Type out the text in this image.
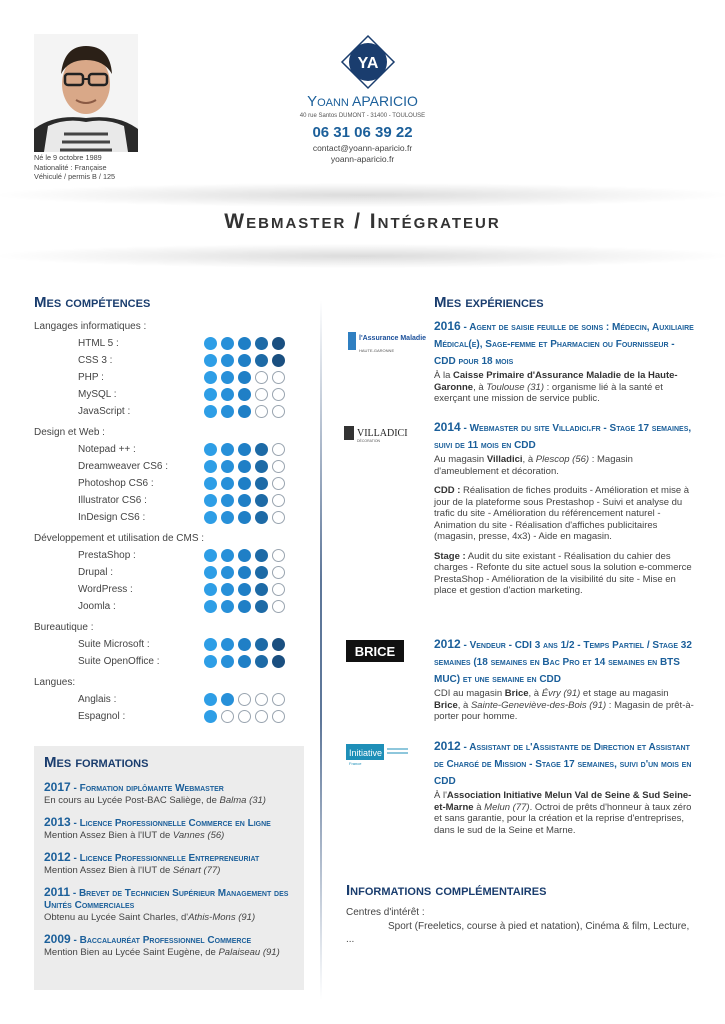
Né le 9 octobre 1989
Nationalité : Française
Véhiculé / permis B / 125
YA
Yoann APARICIO
40 rue Santos DUMONT - 31400 - TOULOUSE
06 31 06 39 22
contact@yoann-aparicio.fr
yoann-aparicio.fr
Webmaster / Intégrateur
Mes compétences
Langages informatiques :
HTML 5 :
CSS 3 :
PHP :
MySQL :
JavaScript :
Design et Web :
Notepad ++ :
Dreamweaver CS6 :
Photoshop CS6 :
Illustrator CS6 :
InDesign CS6 :
Développement et utilisation de CMS :
PrestaShop :
Drupal :
WordPress :
Joomla :
Bureautique :
Suite Microsoft :
Suite OpenOffice :
Langues:
Anglais :
Espagnol :
Mes formations
2017 - Formation diplômante Webmaster
En cours au Lycée Post-BAC Saliège, de Balma (31)
2013 - Licence Professionnelle Commerce en Ligne
Mention Assez Bien à l'IUT de Vannes (56)
2012 - Licence Professionnelle Entrepreneuriat
Mention Assez Bien à l'IUT de Sénart (77)
2011 - Brevet de Technicien Supérieur Management des Unités Commerciales
Obtenu au Lycée Saint Charles, d'Athis-Mons (91)
2009 - Baccalauréat Professionnel Commerce
Mention Bien au Lycée Saint Eugène, de Palaiseau (91)
Mes expériences
l'Assurance Maladie
HAUTE-GARONNE
2016 - Agent de saisie feuille de soins : Médecin, Auxiliaire Médical(e), Sage-femme et Pharmacien ou Fournisseur - CDD pour 18 mois
À la Caisse Primaire d'Assurance Maladie de la Haute-Garonne, à Toulouse (31) : organisme lié à la santé et exerçant une mission de service public.
VILLADICI
DÉCORATION
2014 - Webmaster du site Villadici.fr - Stage 17 semaines, suivi de 11 mois en CDD
Au magasin Villadici, à Plescop (56) : Magasin d'ameublement et décoration.
CDD : Réalisation de fiches produits - Amélioration et mise à jour de la plateforme sous Prestashop - Suivi et analyse du trafic du site - Amélioration du référencement naturel - Animation du site - Réalisation d'affiches publicitaires (magasin, presse, 4x3) - Aide en magasin.
Stage : Audit du site existant - Réalisation du cahier des charges - Refonte du site actuel sous la solution e-commerce PrestaShop - Amélioration de la visibilité du site - Mise en place et gestion d'action marketing.
BRICE	2012 - Vendeur - CDI 3 ans 1/2 - Temps Partiel / Stage 32 semaines (18 semaines en Bac Pro et 14 semaines en BTS MUC) et une semaine en CDD
CDI au magasin Brice, à Évry (91) et stage au magasin Brice, à Sainte-Geneviève-des-Bois (91) : Magasin de prêt-à-porter pour homme.
Initiative
France
2012 - Assistant de l'Assistante de Direction et Assistant de Chargé de Mission - Stage 17 semaines, suivi d'un mois en CDD
À l'Association Initiative Melun Val de Seine & Sud Seine-et-Marne à Melun (77). Octroi de prêts d'honneur à taux zéro et sans garantie, pour la création et la reprise d'entreprises, dans le sud de la Seine et Marne.
Informations complémentaires
Centres d'intérêt :
Sport (Freeletics, course à pied et natation), Cinéma & film, Lecture, ...
